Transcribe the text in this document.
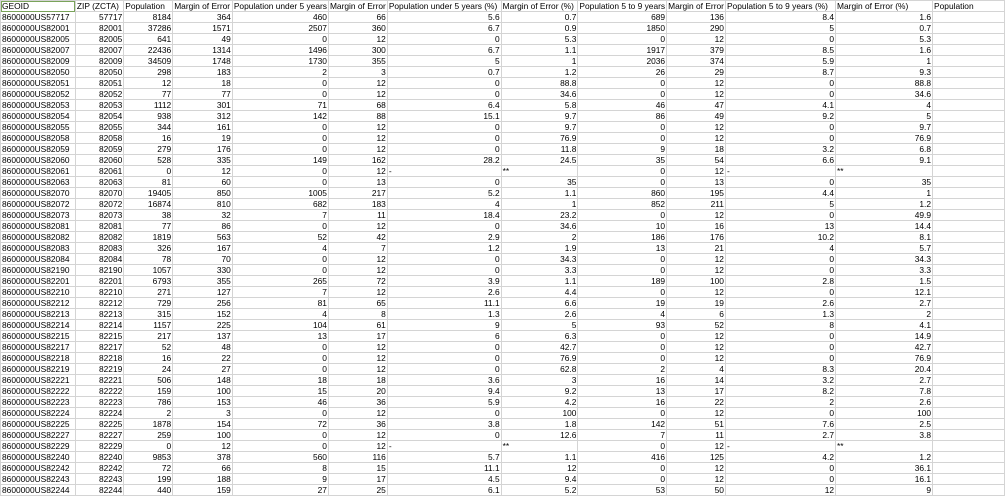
GEOID	ZIP (ZCTA)	Population	Margin of Error	Population under 5 years	Margin of Error	Population under 5 years (%)	Margin of Error (%)	Population 5 to 9 years	Margin of Error	Population 5 to 9 years (%)	Margin of Error (%)	Population
8600000US57717	57717	8184	364	460	66	5.6	0.7	689	136	8.4	1.6	
8600000US82001	82001	37286	1571	2507	360	6.7	0.9	1850	290	5	0.7	
8600000US82005	82005	641	49	0	12	0	5.3	0	12	0	5.3	
8600000US82007	82007	22436	1314	1496	300	6.7	1.1	1917	379	8.5	1.6	
8600000US82009	82009	34509	1748	1730	355	5	1	2036	374	5.9	1	
8600000US82050	82050	298	183	2	3	0.7	1.2	26	29	8.7	9.3	
8600000US82051	82051	12	18	0	12	0	88.8	0	12	0	88.8	
8600000US82052	82052	77	77	0	12	0	34.6	0	12	0	34.6	
8600000US82053	82053	1112	301	71	68	6.4	5.8	46	47	4.1	4	
8600000US82054	82054	938	312	142	88	15.1	9.7	86	49	9.2	5	
8600000US82055	82055	344	161	0	12	0	9.7	0	12	0	9.7	
8600000US82058	82058	16	19	0	12	0	76.9	0	12	0	76.9	
8600000US82059	82059	279	176	0	12	0	11.8	9	18	3.2	6.8	
8600000US82060	82060	528	335	149	162	28.2	24.5	35	54	6.6	9.1	
8600000US82061	82061	0	12	0	12	-	**	0	12	-	**	
8600000US82063	82063	81	60	0	13	0	35	0	13	0	35	
8600000US82070	82070	19405	850	1005	217	5.2	1.1	860	195	4.4	1	
8600000US82072	82072	16874	810	682	183	4	1	852	211	5	1.2	
8600000US82073	82073	38	32	7	11	18.4	23.2	0	12	0	49.9	
8600000US82081	82081	77	86	0	12	0	34.6	10	16	13	14.4	
8600000US82082	82082	1819	563	52	42	2.9	2	186	176	10.2	8.1	
8600000US82083	82083	326	167	4	7	1.2	1.9	13	21	4	5.7	
8600000US82084	82084	78	70	0	12	0	34.3	0	12	0	34.3	
8600000US82190	82190	1057	330	0	12	0	3.3	0	12	0	3.3	
8600000US82201	82201	6793	355	265	72	3.9	1.1	189	100	2.8	1.5	
8600000US82210	82210	271	127	7	12	2.6	4.4	0	12	0	12.1	
8600000US82212	82212	729	256	81	65	11.1	6.6	19	19	2.6	2.7	
8600000US82213	82213	315	152	4	8	1.3	2.6	4	6	1.3	2	
8600000US82214	82214	1157	225	104	61	9	5	93	52	8	4.1	
8600000US82215	82215	217	137	13	17	6	6.3	0	12	0	14.9	
8600000US82217	82217	52	48	0	12	0	42.7	0	12	0	42.7	
8600000US82218	82218	16	22	0	12	0	76.9	0	12	0	76.9	
8600000US82219	82219	24	27	0	12	0	62.8	2	4	8.3	20.4	
8600000US82221	82221	506	148	18	18	3.6	3	16	14	3.2	2.7	
8600000US82222	82222	159	100	15	20	9.4	9.2	13	17	8.2	7.8	
8600000US82223	82223	786	153	46	36	5.9	4.2	16	22	2	2.6	
8600000US82224	82224	2	3	0	12	0	100	0	12	0	100	
8600000US82225	82225	1878	154	72	36	3.8	1.8	142	51	7.6	2.5	
8600000US82227	82227	259	100	0	12	0	12.6	7	11	2.7	3.8	
8600000US82229	82229	0	12	0	12	-	**	0	12	-	**	
8600000US82240	82240	9853	378	560	116	5.7	1.1	416	125	4.2	1.2	
8600000US82242	82242	72	66	8	15	11.1	12	0	12	0	36.1	
8600000US82243	82243	199	188	9	17	4.5	9.4	0	12	0	16.1	
8600000US82244	82244	440	159	27	25	6.1	5.2	53	50	12	9	
